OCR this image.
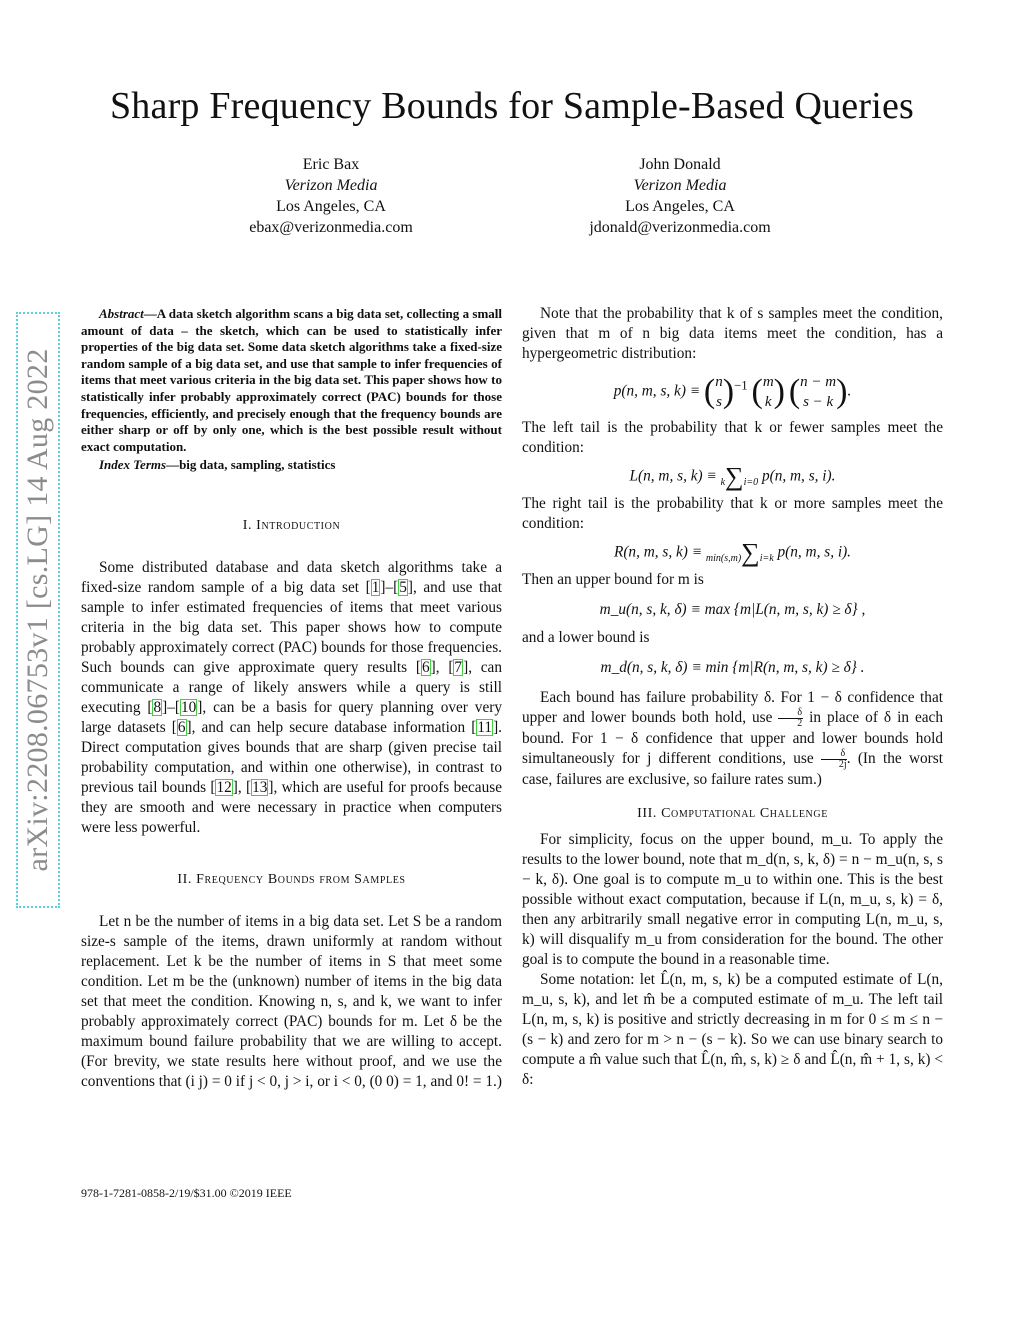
Sharp Frequency Bounds for Sample-Based Queries
Eric Bax
Verizon Media
Los Angeles, CA
ebax@verizonmedia.com
John Donald
Verizon Media
Los Angeles, CA
jdonald@verizonmedia.com
arXiv:2208.06753v1 [cs.LG] 14 Aug 2022

Abstract—A data sketch algorithm scans a big data set, collecting a small amount of data – the sketch, which can be used to statistically infer properties of the big data set. Some data sketch algorithms take a fixed-size random sample of a big data set, and use that sample to infer frequencies of items that meet various criteria in the big data set. This paper shows how to statistically infer probably approximately correct (PAC) bounds for those frequencies, efficiently, and precisely enough that the frequency bounds are either sharp or off by only one, which is the best possible result without exact computation.

Index Terms—big data, sampling, statistics

I. Introduction

Some distributed database and data sketch algorithms take a fixed-size random sample of a big data set [1]–[5], and use that sample to infer estimated frequencies of items that meet various criteria in the big data set. This paper shows how to compute probably approximately correct (PAC) bounds for those frequencies. Such bounds can give approximate query results [6], [7], can communicate a range of likely answers while a query is still executing [8]–[10], can be a basis for query planning over very large datasets [6], and can help secure database information [11]. Direct computation gives bounds that are sharp (given precise tail probability computation, and within one otherwise), in contrast to previous tail bounds [12], [13], which are useful for proofs because they are smooth and were necessary in practice when computers were less powerful.

II. Frequency Bounds from Samples

Let n be the number of items in a big data set. Let S be a random size-s sample of the items, drawn uniformly at random without replacement. Let k be the number of items in S that meet some condition. Let m be the (unknown) number of items in the big data set that meet the condition. Knowing n, s, and k, we want to infer probably approximately correct (PAC) bounds for m. Let δ be the maximum bound failure probability that we are willing to accept. (For brevity, we state results here without proof, and we use the conventions that (i j) = 0 if j < 0, j > i, or i < 0, (0 0) = 1, and 0! = 1.)

978-1-7281-0858-2/19/$31.00 ©2019 IEEE

Note that the probability that k of s samples meet the condition, given that m of n big data items meet the condition, has a hypergeometric distribution:

p(n, m, s, k) ≡ ( n
s )$^{-1}$ ( m
k ) ( n − m
s − k ).

The left tail is the probability that k or fewer samples meet the condition:

L(n, m, s, k) ≡ k∑i=0 p(n, m, s, i).

The right tail is the probability that k or more samples meet the condition:

R(n, m, s, k) ≡ min(s,m)∑i=k p(n, m, s, i).

Then an upper bound for m is

m_u(n, s, k, δ) ≡ max {m|L(n, m, s, k) ≥ δ} ,

and a lower bound is

m_d(n, s, k, δ) ≡ min {m|R(n, m, s, k) ≥ δ} .

Each bound has failure probability δ. For 1 − δ confidence that upper and lower bounds both hold, use $\frac{\delta}{2}$ in place of δ in each bound. For 1 − δ confidence that upper and lower bounds hold simultaneously for j different conditions, use $\frac{\delta}{2j}$ . (In the worst case, failures are exclusive, so failure rates sum.)

III. Computational Challenge

For simplicity, focus on the upper bound, m_u. To apply the results to the lower bound, note that m_d(n, s, k, δ) = n − m_u(n, s, s − k, δ). One goal is to compute m_u to within one. This is the best possible without exact computation, because if L(n, m_u, s, k) = δ, then any arbitrarily small negative error in computing L(n, m_u, s, k) will disqualify m_u from consideration for the bound. The other goal is to compute the bound in a reasonable time.

Some notation: let L̂(n, m, s, k) be a computed estimate of L(n, m_u, s, k), and let m̂ be a computed estimate of m_u. The left tail L(n, m, s, k) is positive and strictly decreasing in m for 0 ≤ m ≤ n − (s − k) and zero for m > n − (s − k). So we can use binary search to compute a m̂ value such that L̂(n, m̂, s, k) ≥ δ and L̂(n, m̂ + 1, s, k) < δ:
